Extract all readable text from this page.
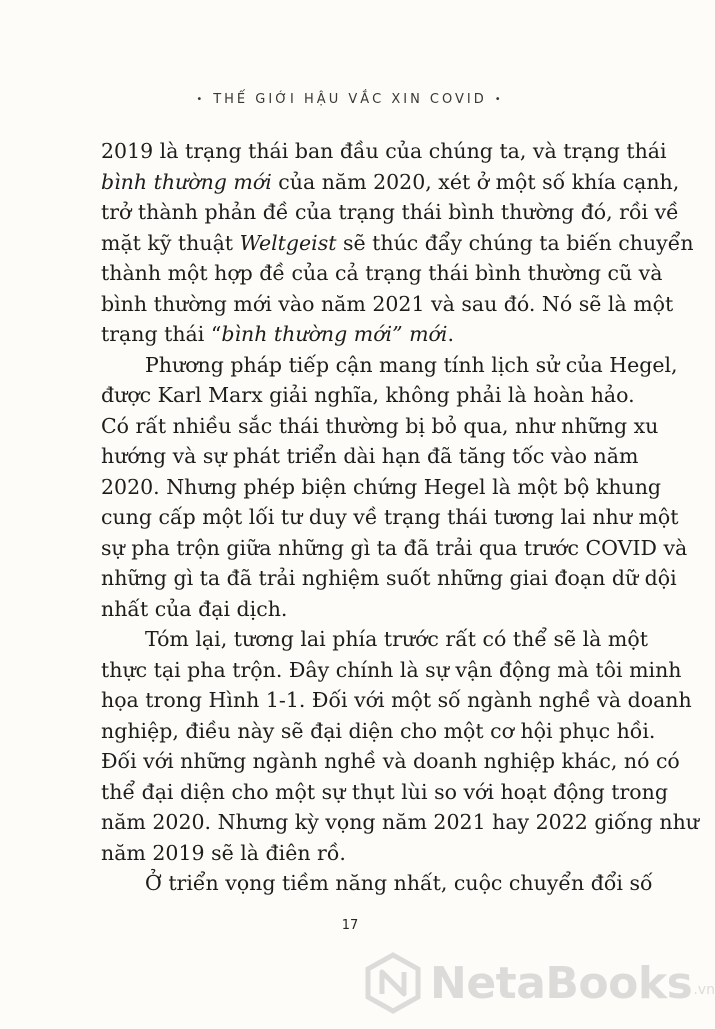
• THẾ GIỚI HẬU VẮC XIN COVID •
2019 là trạng thái ban đầu của chúng ta, và trạng thái
bình thường mới của năm 2020, xét ở một số khía cạnh,
trở thành phản đề của trạng thái bình thường đó, rồi về
mặt kỹ thuật Weltgeist sẽ thúc đẩy chúng ta biến chuyển
thành một hợp đề của cả trạng thái bình thường cũ và
bình thường mới vào năm 2021 và sau đó. Nó sẽ là một
trạng thái “bình thường mới” mới.
Phương pháp tiếp cận mang tính lịch sử của Hegel,
được Karl Marx giải nghĩa, không phải là hoàn hảo.
Có rất nhiều sắc thái thường bị bỏ qua, như những xu
hướng và sự phát triển dài hạn đã tăng tốc vào năm
2020. Nhưng phép biện chứng Hegel là một bộ khung
cung cấp một lối tư duy về trạng thái tương lai như một
sự pha trộn giữa những gì ta đã trải qua trước COVID và
những gì ta đã trải nghiệm suốt những giai đoạn dữ dội
nhất của đại dịch.
Tóm lại, tương lai phía trước rất có thể sẽ là một
thực tại pha trộn. Đây chính là sự vận động mà tôi minh
họa trong Hình 1-1. Đối với một số ngành nghề và doanh
nghiệp, điều này sẽ đại diện cho một cơ hội phục hồi.
Đối với những ngành nghề và doanh nghiệp khác, nó có
thể đại diện cho một sự thụt lùi so với hoạt động trong
năm 2020. Nhưng kỳ vọng năm 2021 hay 2022 giống như
năm 2019 sẽ là điên rồ.
Ở triển vọng tiềm năng nhất, cuộc chuyển đổi số
17
NetaBooks .vn
